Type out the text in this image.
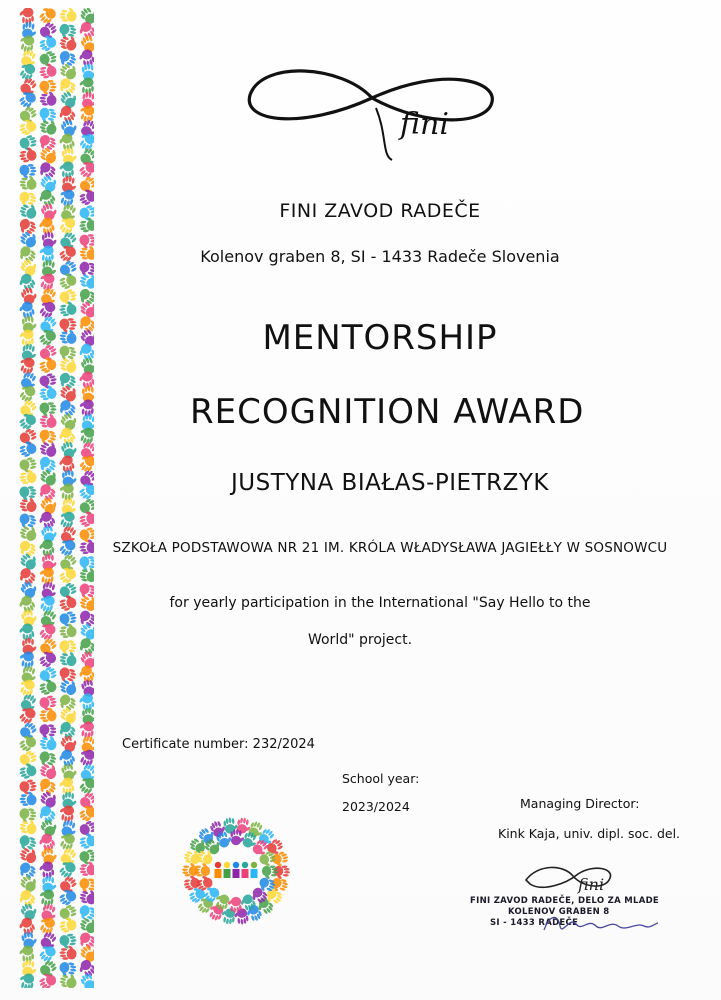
fini
FINI ZAVOD RADEČE
Kolenov graben 8, SI - 1433 Radeče Slovenia
MENTORSHIP
RECOGNITION AWARD
JUSTYNA BIAŁAS-PIETRZYK
SZKOŁA PODSTAWOWA NR 21 IM. KRÓLA WŁADYSŁAWA JAGIEŁŁY W SOSNOWCU
for yearly participation in the International "Say Hello to the
World" project.
Certificate number: 232/2024
School year:
2023/2024	Managing Director:
Kink Kaja, univ. dipl. soc. del.
fini
FINI ZAVOD RADEČE, DELO ZA MLADE
KOLENOV GRABEN 8
SI - 1433 RADEČE
